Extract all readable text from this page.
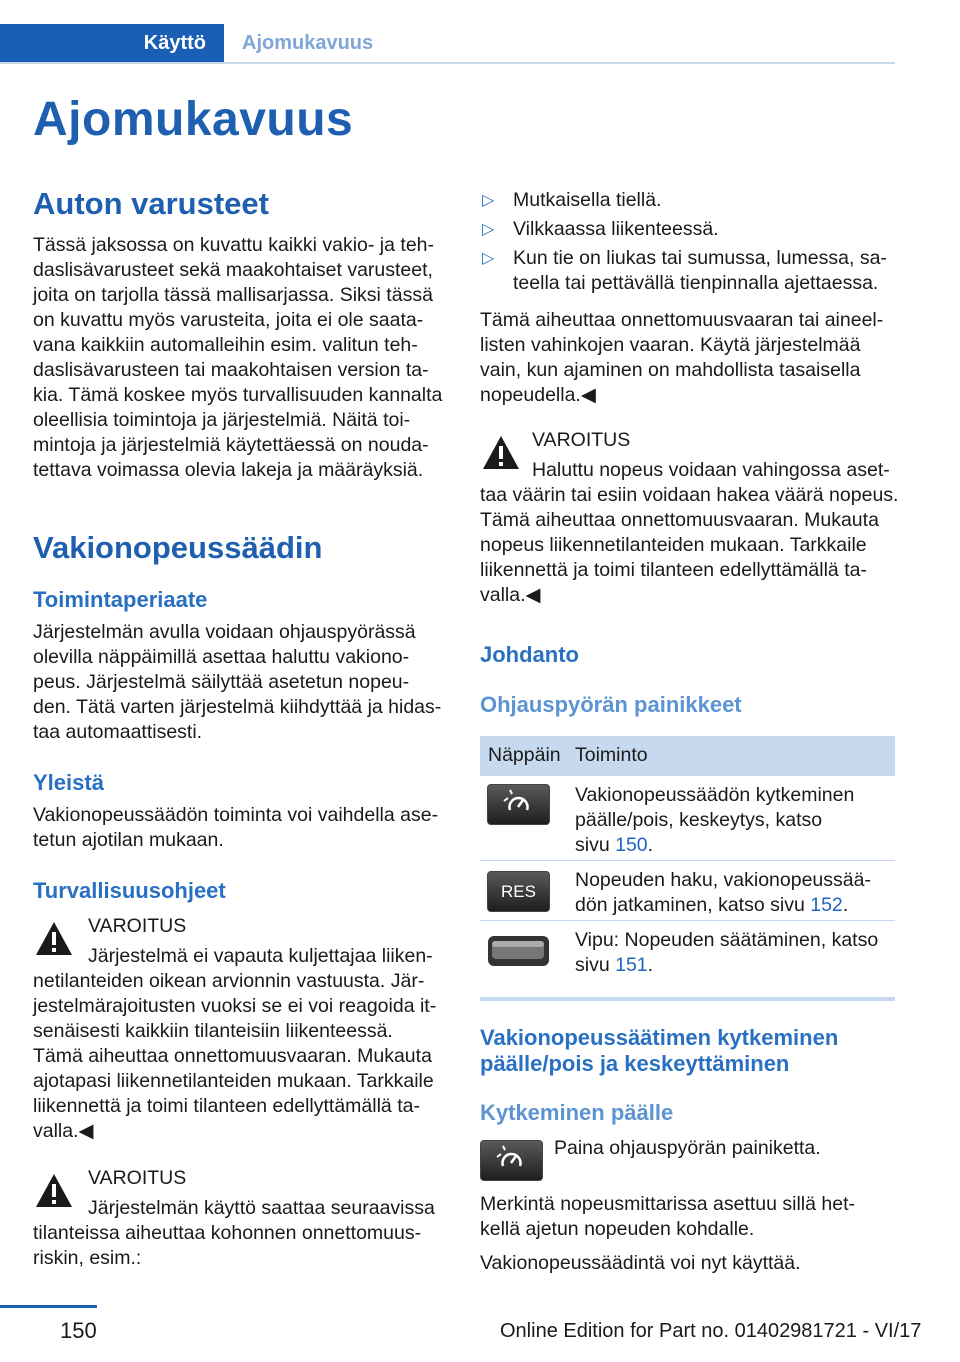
Käyttö Ajomukavuus
Ajomukavuus
Auton varusteet
Tässä jaksossa on kuvattu kaikki vakio- ja teh-
daslisävarusteet sekä maakohtaiset varusteet,
joita on tarjolla tässä mallisarjassa. Siksi tässä
on kuvattu myös varusteita, joita ei ole saata-
vana kaikkiin automalleihin esim. valitun teh-
daslisävarusteen tai maakohtaisen version ta-
kia. Tämä koskee myös turvallisuuden kannalta
oleellisia toimintoja ja järjestelmiä. Näitä toi-
mintoja ja järjestelmiä käytettäessä on nouda-
tettava voimassa olevia lakeja ja määräyksiä.
Vakionopeussäädin
Toimintaperiaate
Järjestelmän avulla voidaan ohjauspyörässä
olevilla näppäimillä asettaa haluttu vakiono-
peus. Järjestelmä säilyttää asetetun nopeu-
den. Tätä varten järjestelmä kiihdyttää ja hidas-
taa automaattisesti.
Yleistä
Vakionopeussäädön toiminta voi vaihdella ase-
tetun ajotilan mukaan.
Turvallisuusohjeet
VAROITUS
Järjestelmä ei vapauta kuljettajaa liiken-
netilanteiden oikean arvionnin vastuusta. Jär-
jestelmärajoitusten vuoksi se ei voi reagoida it-
senäisesti kaikkiin tilanteisiin liikenteessä.
Tämä aiheuttaa onnettomuusvaaran. Mukauta
ajotapasi liikennetilanteiden mukaan. Tarkkaile
liikennettä ja toimi tilanteen edellyttämällä ta-
valla.◀
VAROITUS
Järjestelmän käyttö saattaa seuraavissa
tilanteissa aiheuttaa kohonnen onnettomuus-
riskin, esim.:
▷ Mutkaisella tiellä.
▷ Vilkkaassa liikenteessä.
▷ Kun tie on liukas tai sumussa, lumessa, sa-
teella tai pettävällä tienpinnalla ajettaessa.
Tämä aiheuttaa onnettomuusvaaran tai aineel-
listen vahinkojen vaaran. Käytä järjestelmää
vain, kun ajaminen on mahdollista tasaisella
nopeudella.◀
VAROITUS
Haluttu nopeus voidaan vahingossa aset-
taa väärin tai esiin voidaan hakea väärä nopeus.
Tämä aiheuttaa onnettomuusvaaran. Mukauta
nopeus liikennetilanteiden mukaan. Tarkkaile
liikennettä ja toimi tilanteen edellyttämällä ta-
valla.◀
Johdanto
Ohjauspyörän painikkeet
Näppäin Toiminto
Vakionopeussäädön kytkeminen
päälle/pois, keskeytys, katso
sivu 150.
RES
Nopeuden haku, vakionopeussää-
dön jatkaminen, katso sivu 152.
Vipu: Nopeuden säätäminen, katso
sivu 151.
Vakionopeussäätimen kytkeminen
päälle/pois ja keskeyttäminen
Kytkeminen päälle
Paina ohjauspyörän painiketta.
Merkintä nopeusmittarissa asettuu sillä het-
kellä ajetun nopeuden kohdalle.
Vakionopeussäädintä voi nyt käyttää.
150	Online Edition for Part no. 01402981721 - VI/17
